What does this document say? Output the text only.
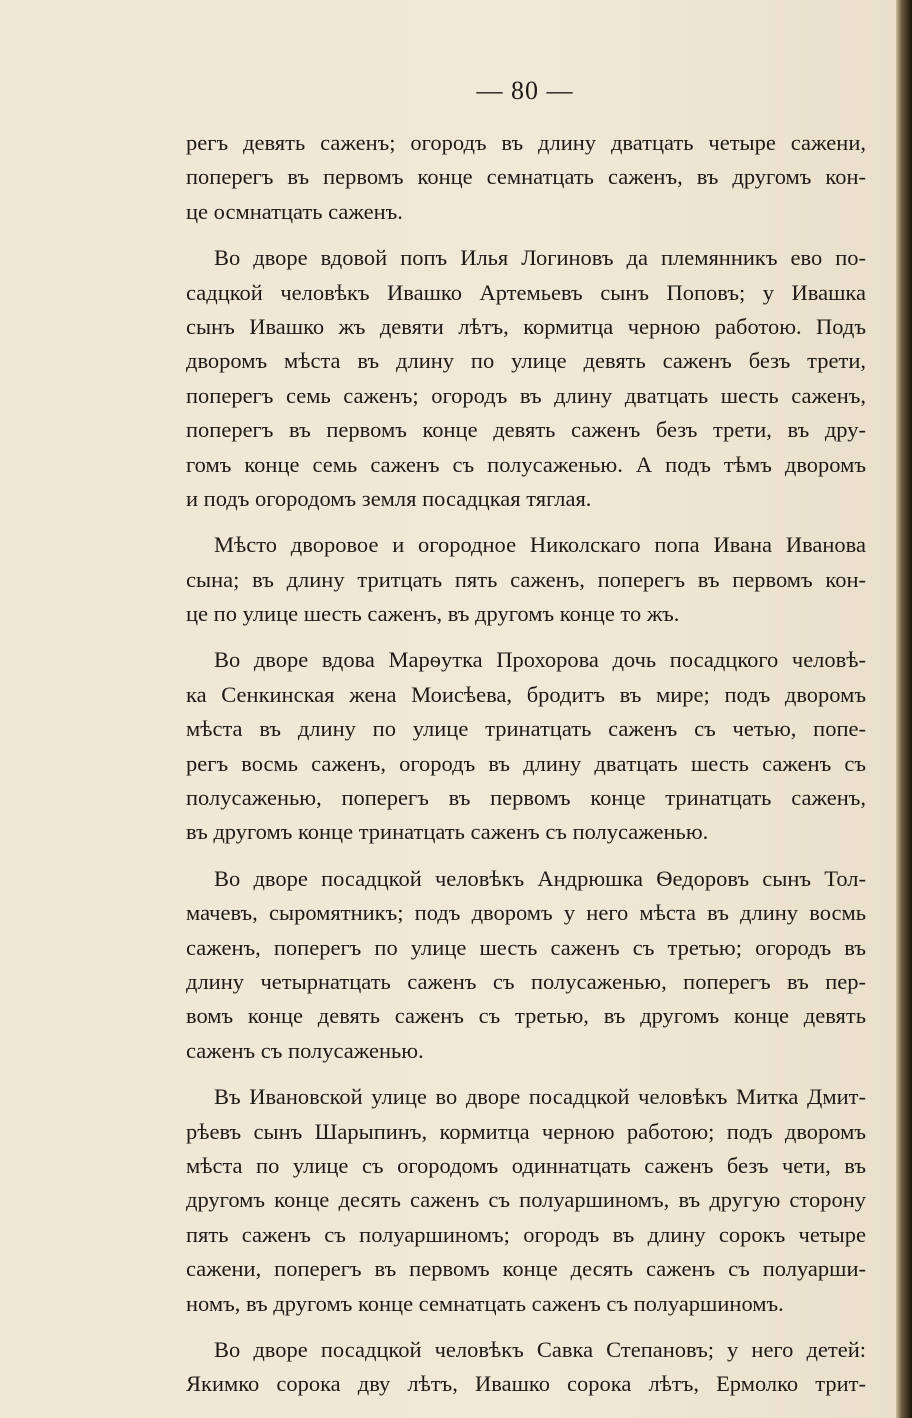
— 80 —
регъ девять саженъ; огородъ въ длину дватцать четыре сажени,
поперегъ въ первомъ конце семнатцать саженъ, въ другомъ кон-
це осмнатцать саженъ.
Во дворе вдовой попъ Илья Логиновъ да племянникъ ево по-
садцкой человѣкъ Ивашко Артемьевъ сынъ Поповъ; у Ивашка
сынъ Ивашко жъ девяти лѣтъ, кормитца черною работою. Подъ
дворомъ мѣста въ длину по улице девять саженъ безъ трети,
поперегъ семь саженъ; огородъ въ длину двaтцать шесть саженъ,
поперегъ въ первомъ конце девять саженъ безъ трети, въ дру-
гомъ конце семь саженъ съ полусаженью. А подъ тѣмъ дворомъ
и подъ огородомъ земля посадцкая тяглая.
Мѣсто дворовое и огородное Николскаго попа Ивана Иванова
сына; въ длину тритцать пять саженъ, поперегъ въ первомъ кон-
це по улице шесть саженъ, въ другомъ конце то жъ.
Во дворе вдова Марѳутка Прохорова дочь посадцкого человѣ-
ка Сенкинская жена Моисѣева, бродитъ въ мире; подъ дворомъ
мѣста въ длину по улице тринатцать саженъ съ четью, попе-
регъ восмь саженъ, огородъ въ длину двaтцать шесть саженъ съ
полусаженью, поперегъ въ первомъ конце тринатцать саженъ,
въ другомъ конце тринатцать саженъ съ полусаженью.
Во дворе посадцкой человѣкъ Андрюшка Ѳедоровъ сынъ Тол-
мачевъ, сыромятникъ; подъ дворомъ у него мѣста въ длину восмь
саженъ, поперегъ по улице шесть саженъ съ третью; огородъ въ
длину четырнатцать саженъ съ полусаженью, поперегъ въ пер-
вомъ конце девять саженъ съ третью, въ другомъ конце девять
саженъ съ полусаженью.
Въ Ивановской улице во дворе посадцкой человѣкъ Митка Дмит-
рѣевъ сынъ Шарыпинъ, кормитца черною работою; подъ дворомъ
мѣста по улице съ огородомъ одиннатцать саженъ безъ чети, въ
другомъ конце десять саженъ съ полуаршиномъ, въ другую сторону
пять саженъ съ полуаршиномъ; огородъ въ длину сорокъ четыре
сажени, поперегъ въ первомъ конце десять саженъ съ полуарши-
номъ, въ другомъ конце семнатцать саженъ съ полуаршиномъ.
Во дворе посадцкой человѣкъ Савка Степановъ; у него детей:
Якимко сорока дву лѣтъ, Ивашко сорока лѣтъ, Ермолко трит-
